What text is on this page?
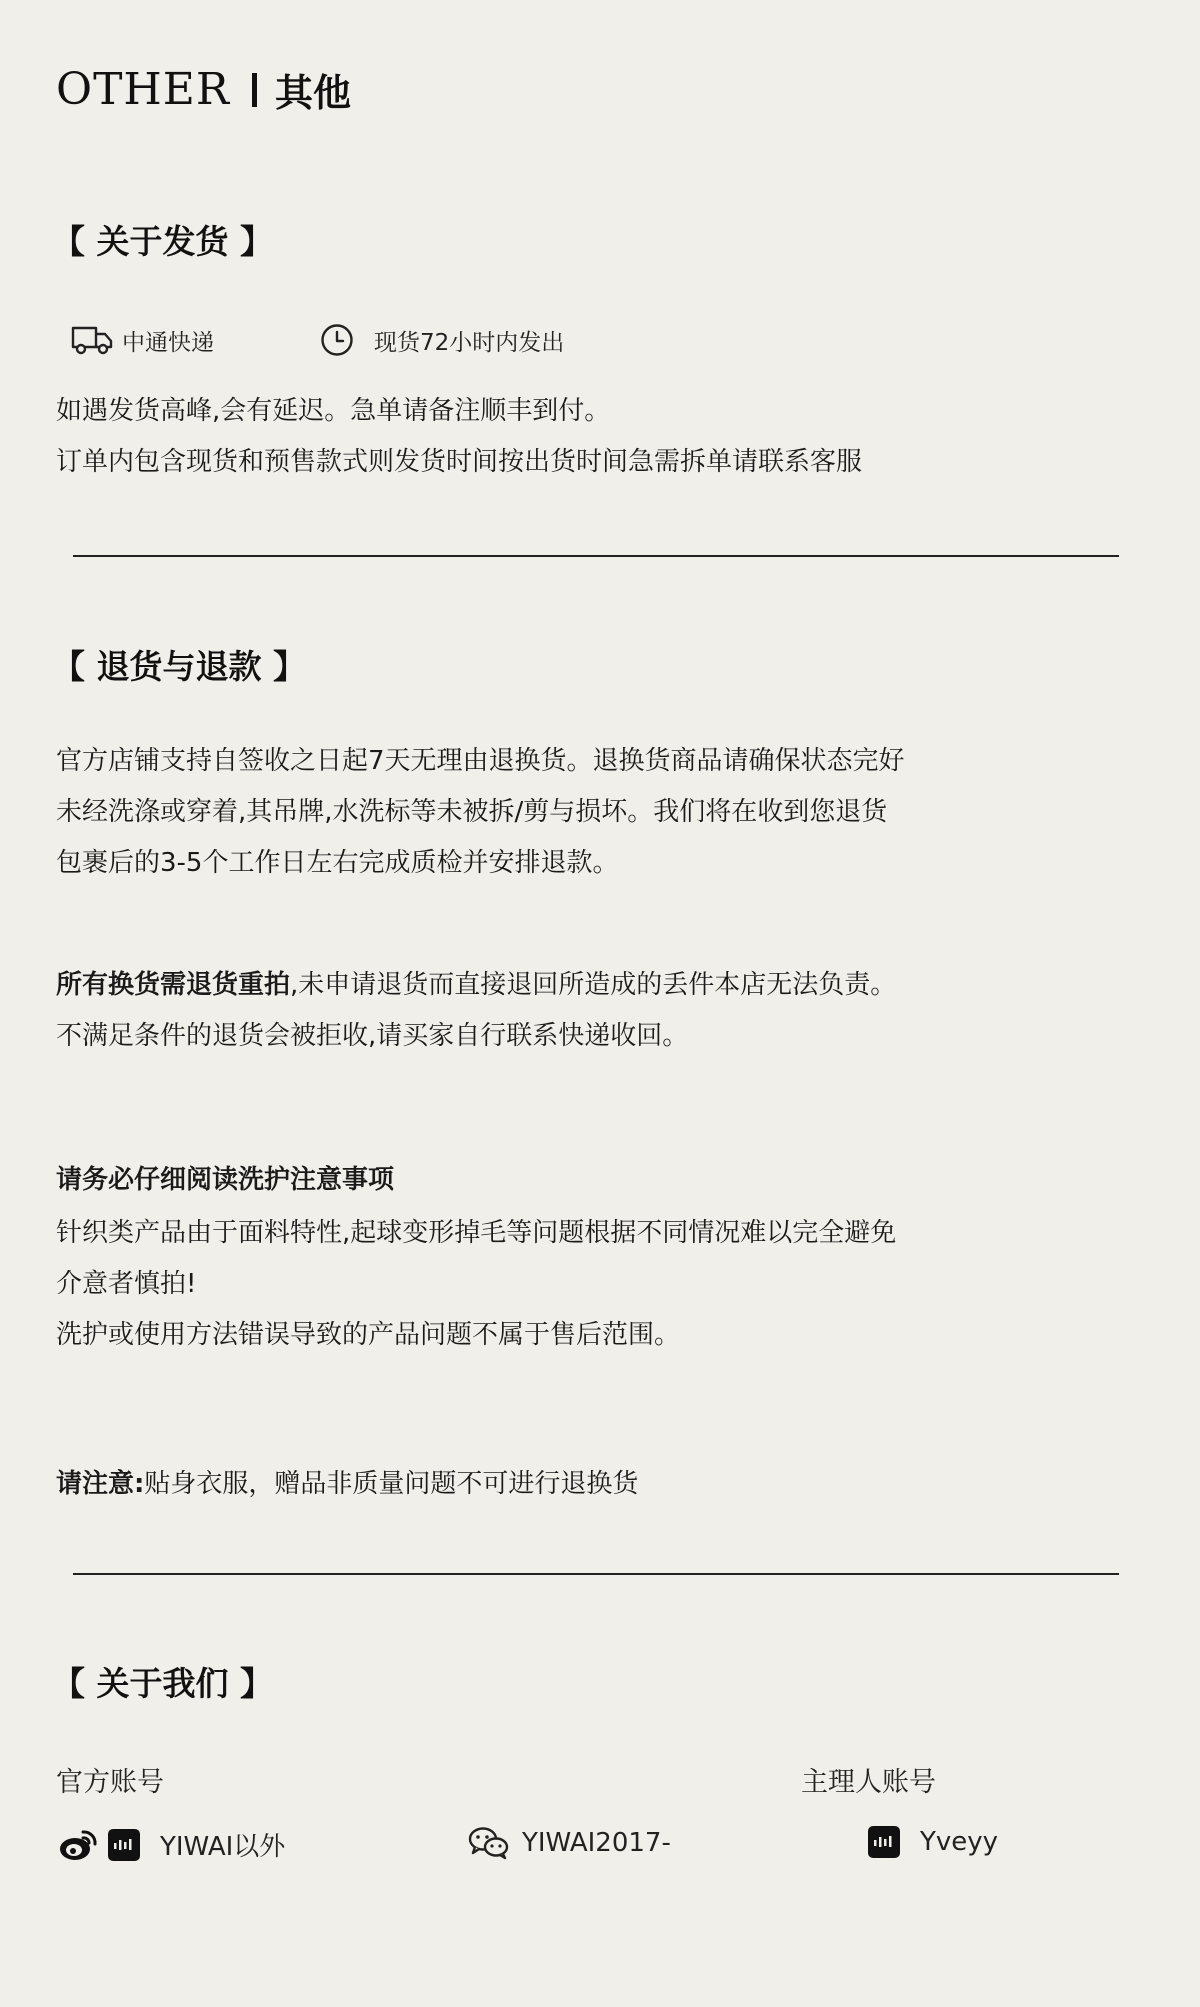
OTHER 其他
【 关于发货 】
中通快递	现货72小时内发出
如遇发货高峰,会有延迟。急单请备注顺丰到付。
订单内包含现货和预售款式则发货时间按出货时间急需拆单请联系客服
【 退货与退款 】
官方店铺支持自签收之日起7天无理由退换货。退换货商品请确保状态完好
未经洗涤或穿着,其吊牌,水洗标等未被拆/剪与损坏。我们将在收到您退货
包裹后的3-5个工作日左右完成质检并安排退款。
所有换货需退货重拍,未申请退货而直接退回所造成的丢件本店无法负责。
不满足条件的退货会被拒收,请买家自行联系快递收回。
请务必仔细阅读洗护注意事项
针织类产品由于面料特性,起球变形掉毛等问题根据不同情况难以完全避免
介意者慎拍!
洗护或使用方法错误导致的产品问题不属于售后范围。
请注意:贴身衣服，赠品非质量问题不可进行退换货
【 关于我们 】
官方账号	主理人账号
YIWAI以外	YIWAI2017-	Yveyy
